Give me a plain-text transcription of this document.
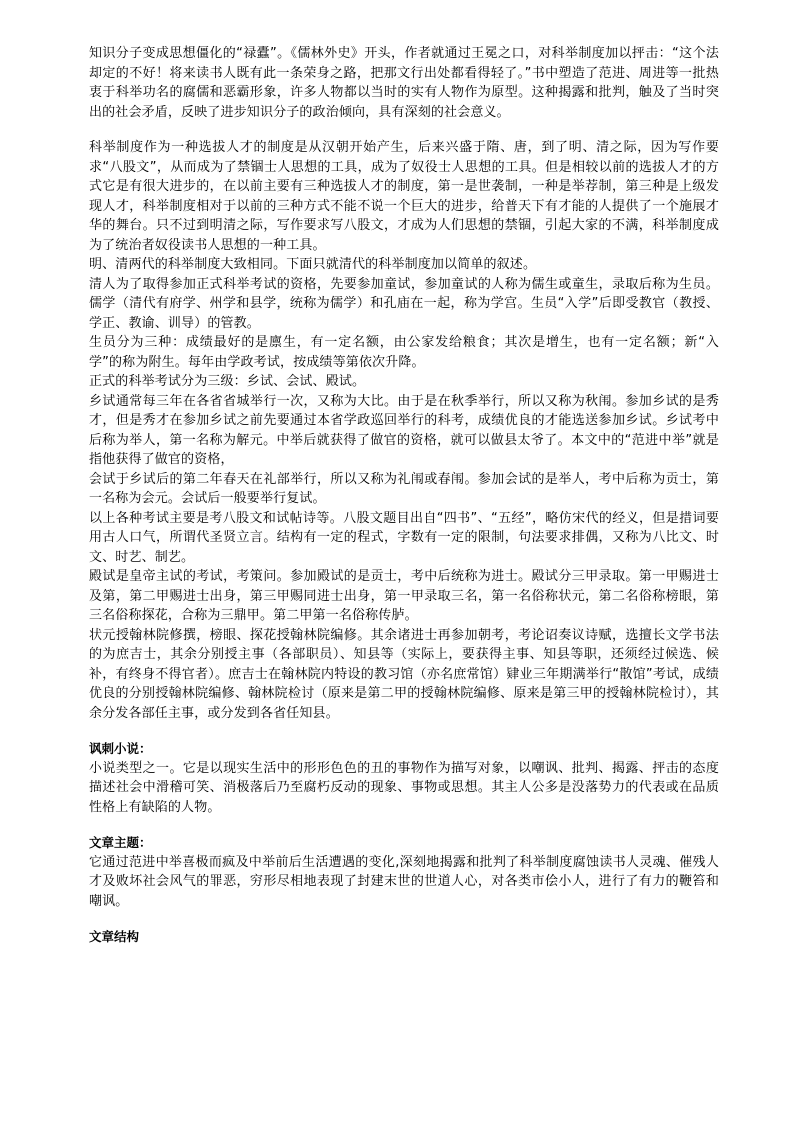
知识分子变成思想僵化的“禄蠹”。《儒林外史》开头，作者就通过王冕之口，对科举制度加以抨击：“这个法却定的不好！将来读书人既有此一条荣身之路，把那文行出处都看得轻了。”书中塑造了范进、周进等一批热衷于科举功名的腐儒和恶霸形象，许多人物都以当时的实有人物作为原型。这种揭露和批判，触及了当时突出的社会矛盾，反映了进步知识分子的政治倾向，具有深刻的社会意义。

科举制度作为一种选拔人才的制度是从汉朝开始产生，后来兴盛于隋、唐，到了明、清之际，因为写作要求“八股文”，从而成为了禁锢士人思想的工具，成为了奴役士人思想的工具。但是相较以前的选拔人才的方式它是有很大进步的，在以前主要有三种选拔人才的制度，第一是世袭制，一种是举荐制，第三种是上级发现人才，科举制度相对于以前的三种方式不能不说一个巨大的进步，给普天下有才能的人提供了一个施展才华的舞台。只不过到明清之际，写作要求写八股文，才成为人们思想的禁锢，引起大家的不满，科举制度成为了统治者奴役读书人思想的一种工具。

明、清两代的科举制度大致相同。下面只就清代的科举制度加以简单的叙述。

清人为了取得参加正式科举考试的资格，先要参加童试，参加童试的人称为儒生或童生，录取后称为生员。儒学（清代有府学、州学和县学，统称为儒学）和孔庙在一起，称为学宫。生员“入学”后即受教官（教授、学正、教谕、训导）的管教。

生员分为三种：成绩最好的是廪生，有一定名额，由公家发给粮食；其次是增生，也有一定名额；新“入学”的称为附生。每年由学政考试，按成绩等第依次升降。

正式的科举考试分为三级：乡试、会试、殿试。

乡试通常每三年在各省省城举行一次，又称为大比。由于是在秋季举行，所以又称为秋闱。参加乡试的是秀才，但是秀才在参加乡试之前先要通过本省学政巡回举行的科考，成绩优良的才能选送参加乡试。乡试考中后称为举人，第一名称为解元。中举后就获得了做官的资格，就可以做县太爷了。本文中的“范进中举”就是指他获得了做官的资格，

会试于乡试后的第二年春天在礼部举行，所以又称为礼闱或春闱。参加会试的是举人，考中后称为贡士，第一名称为会元。会试后一般要举行复试。

以上各种考试主要是考八股文和试帖诗等。八股文题目出自“四书”、“五经”，略仿宋代的经义，但是措词要用古人口气，所谓代圣贤立言。结构有一定的程式，字数有一定的限制，句法要求排偶，又称为八比文、时文、时艺、制艺。

殿试是皇帝主试的考试，考策问。参加殿试的是贡士，考中后统称为进士。殿试分三甲录取。第一甲赐进士及第，第二甲赐进士出身，第三甲赐同进士出身，第一甲录取三名，第一名俗称状元，第二名俗称榜眼，第三名俗称探花，合称为三鼎甲。第二甲第一名俗称传胪。

状元授翰林院修撰，榜眼、探花授翰林院编修。其余诸进士再参加朝考，考论诏奏议诗赋，选擅长文学书法的为庶吉士，其余分别授主事（各部职员）、知县等（实际上，要获得主事、知县等职，还须经过候选、候补，有终身不得官者）。庶吉士在翰林院内特设的教习馆（亦名庶常馆）肄业三年期满举行“散馆”考试，成绩优良的分别授翰林院编修、翰林院检讨（原来是第二甲的授翰林院编修、原来是第三甲的授翰林院检讨），其余分发各部任主事，或分发到各省任知县。

讽刺小说：

小说类型之一。它是以现实生活中的形形色色的丑的事物作为描写对象，以嘲讽、批判、揭露、抨击的态度描述社会中滑稽可笑、消极落后乃至腐朽反动的现象、事物或思想。其主人公多是没落势力的代表或在品质性格上有缺陷的人物。

文章主题：

它通过范进中举喜极而疯及中举前后生活遭遇的变化,深刻地揭露和批判了科举制度腐蚀读书人灵魂、催残人才及败坏社会风气的罪恶，穷形尽相地表现了封建末世的世道人心，对各类市侩小人，进行了有力的鞭笞和嘲讽。

文章结构
